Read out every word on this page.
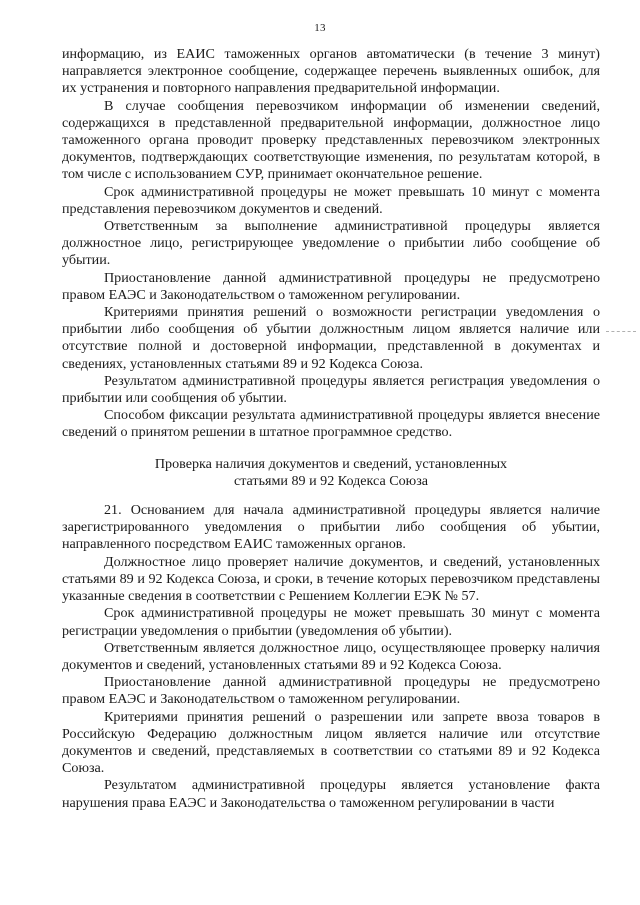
13

информацию, из ЕАИС таможенных органов автоматически (в течение 3 минут) направляется электронное сообщение, содержащее перечень выявленных ошибок, для их устранения и повторного направления предварительной информации.

В случае сообщения перевозчиком информации об изменении сведений, содержащихся в представленной предварительной информации, должностное лицо таможенного органа проводит проверку представленных перевозчиком электронных документов, подтверждающих соответствующие изменения, по результатам которой, в том числе с использованием СУР, принимает окончательное решение.

Срок административной процедуры не может превышать 10 минут с момента представления перевозчиком документов и сведений.

Ответственным за выполнение административной процедуры является должностное лицо, регистрирующее уведомление о прибытии либо сообщение об убытии.

Приостановление данной административной процедуры не предусмотрено правом ЕАЭС и Законодательством о таможенном регулировании.

Критериями принятия решений о возможности регистрации уведомления о прибытии либо сообщения об убытии должностным лицом является наличие или отсутствие полной и достоверной информации, представленной в документах и сведениях, установленных статьями 89 и 92 Кодекса Союза.

Результатом административной процедуры является регистрация уведомления о прибытии или сообщения об убытии.

Способом фиксации результата административной процедуры является внесение сведений о принятом решении в штатное программное средство.

Проверка наличия документов и сведений, установленных
статьями 89 и 92 Кодекса Союза

21. Основанием для начала административной процедуры является наличие зарегистрированного уведомления о прибытии либо сообщения об убытии, направленного посредством ЕАИС таможенных органов.

Должностное лицо проверяет наличие документов, и сведений, установленных статьями 89 и 92 Кодекса Союза, и сроки, в течение которых перевозчиком представлены указанные сведения в соответствии с Решением Коллегии ЕЭК № 57.

Срок административной процедуры не может превышать 30 минут с момента регистрации уведомления о прибытии (уведомления об убытии).

Ответственным является должностное лицо, осуществляющее проверку наличия документов и сведений, установленных статьями 89 и 92 Кодекса Союза.

Приостановление данной административной процедуры не предусмотрено правом ЕАЭС и Законодательством о таможенном регулировании.

Критериями принятия решений о разрешении или запрете ввоза товаров в Российскую Федерацию должностным лицом является наличие или отсутствие документов и сведений, представляемых в соответствии со статьями 89 и 92 Кодекса Союза.

Результатом административной процедуры является установление факта нарушения права ЕАЭС и Законодательства о таможенном регулировании в части
